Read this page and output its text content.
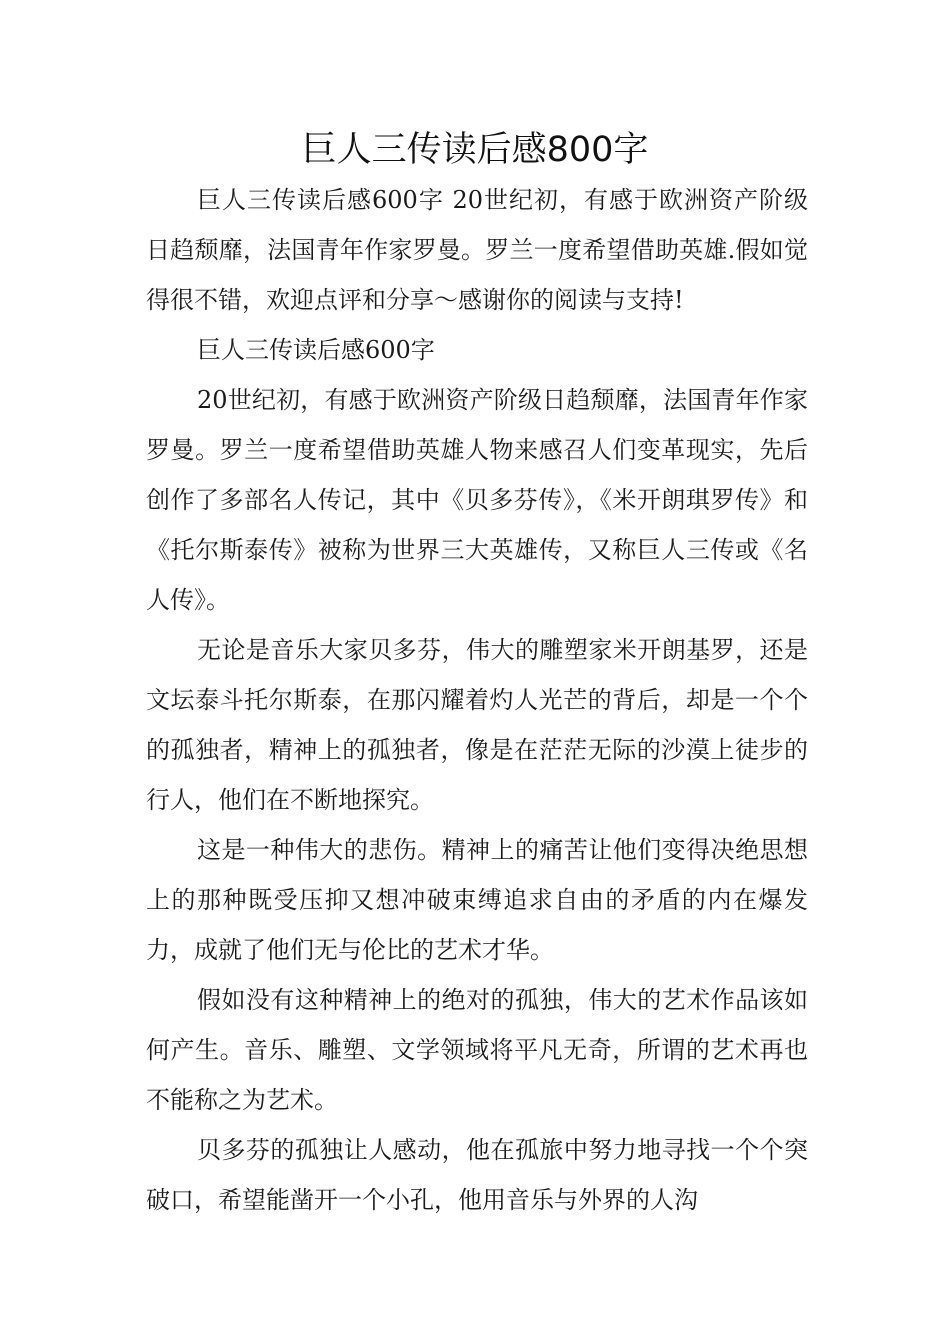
巨人三传读后感800字

巨人三传读后感600字 20世纪初，有感于欧洲资产阶级日趋颓靡，法国青年作家罗曼。罗兰一度希望借助英雄.假如觉得很不错，欢迎点评和分享～感谢你的阅读与支持!

巨人三传读后感600字

20世纪初，有感于欧洲资产阶级日趋颓靡，法国青年作家罗曼。罗兰一度希望借助英雄人物来感召人们变革现实，先后创作了多部名人传记，其中《贝多芬传》，《米开朗琪罗传》和《托尔斯泰传》被称为世界三大英雄传，又称巨人三传或《名人传》。

无论是音乐大家贝多芬，伟大的雕塑家米开朗基罗，还是文坛泰斗托尔斯泰，在那闪耀着灼人光芒的背后，却是一个个的孤独者，精神上的孤独者，像是在茫茫无际的沙漠上徒步的行人，他们在不断地探究。

这是一种伟大的悲伤。精神上的痛苦让他们变得决绝思想上的那种既受压抑又想冲破束缚追求自由的矛盾的内在爆发力，成就了他们无与伦比的艺术才华。

假如没有这种精神上的绝对的孤独，伟大的艺术作品该如何产生。音乐、雕塑、文学领域将平凡无奇，所谓的艺术再也不能称之为艺术。

贝多芬的孤独让人感动，他在孤旅中努力地寻找一个个突破口，希望能凿开一个小孔，他用音乐与外界的人沟
